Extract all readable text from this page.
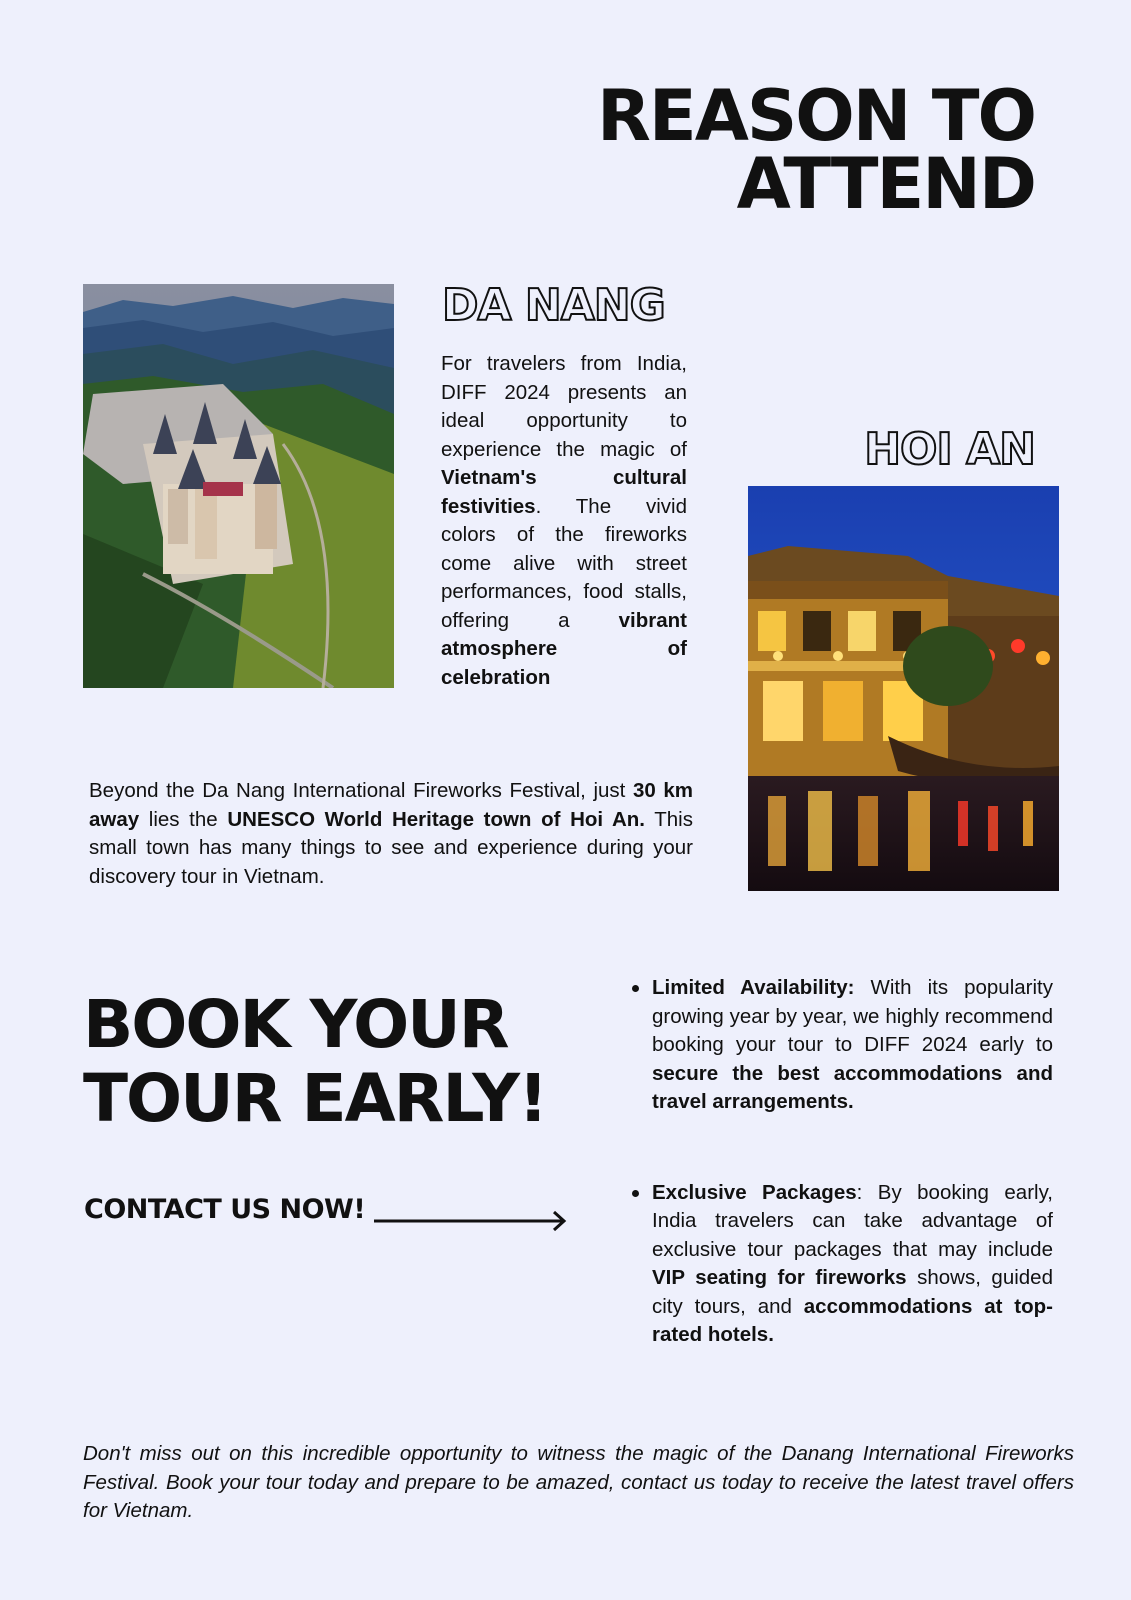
REASON TO
ATTEND
DA NANG
For travelers from India, DIFF 2024 presents an ideal opportunity to experience the magic of Vietnam's cultural festivities. The vivid colors of the fireworks come alive with street performances, food stalls, offering a vibrant atmosphere of celebration
HOI AN
Beyond the Da Nang International Fireworks Festival, just 30 km away lies the UNESCO World Heritage town of Hoi An. This small town has many things to see and experience during your discovery tour in Vietnam.
BOOK YOUR
TOUR EARLY!
CONTACT US NOW!
Limited Availability: With its popularity growing year by year, we highly recommend booking your tour to DIFF 2024 early to secure the best accommodations and travel arrangements.
Exclusive Packages: By booking early, India travelers can take advantage of exclusive tour packages that may include VIP seating for fireworks shows, guided city tours, and accommodations at top-rated hotels.
Don't miss out on this incredible opportunity to witness the magic of the Danang International Fireworks Festival. Book your tour today and prepare to be amazed, contact us today to receive the latest travel offers for Vietnam.
